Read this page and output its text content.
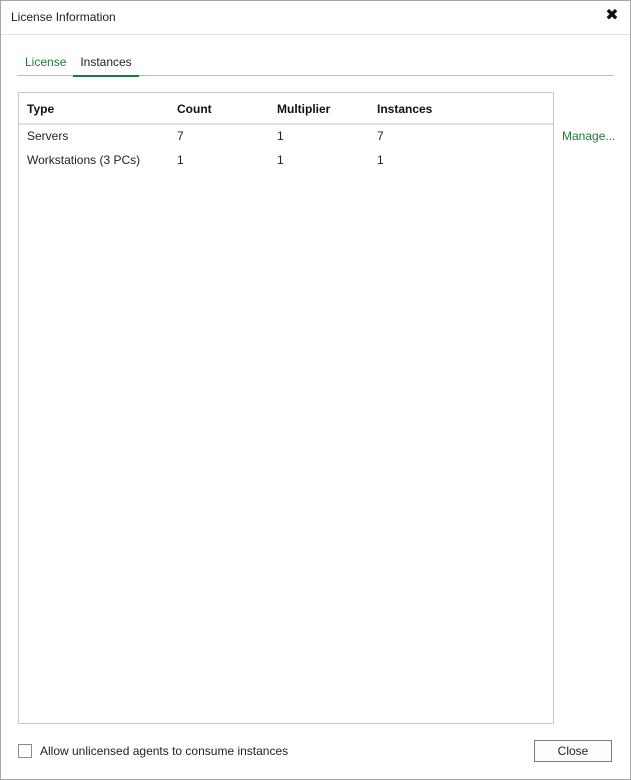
License Information	✖
License	Instances
Type	Count	Multiplier	Instances
Servers	7	1	7
Workstations (3 PCs)	1	1	1
Manage...
Allow unlicensed agents to consume instances	Close
